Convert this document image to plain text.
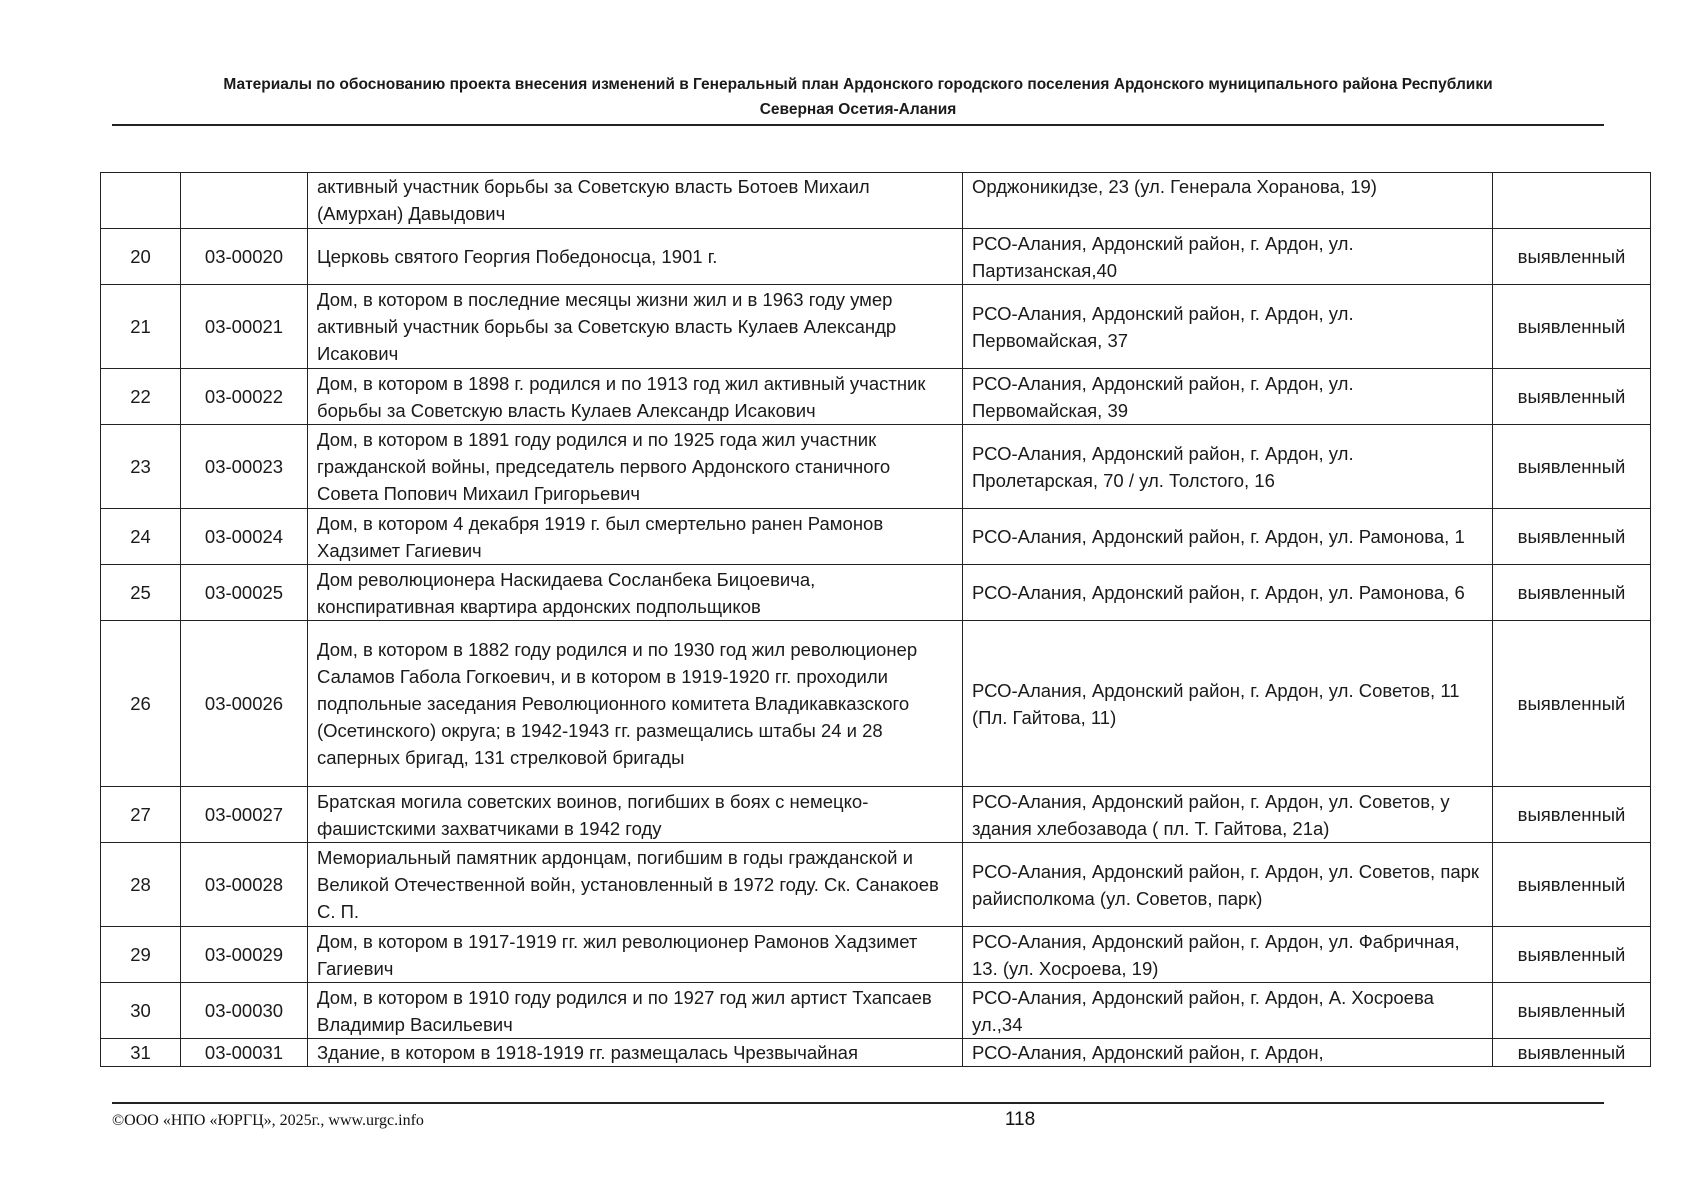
Материалы по обоснованию проекта внесения изменений в Генеральный план Ардонского городского поселения Ардонского муниципального района Республики
Северная Осетия-Алания
		активный участник борьбы за Советскую власть Ботоев Михаил (Амурхан) Давыдович	Орджоникидзе, 23 (ул. Генерала Хоранова, 19)	
20	03-00020	Церковь святого Георгия Победоносца, 1901 г.	РСО-Алания, Ардонский район, г. Ардон, ул. Партизанская,40	выявленный
21	03-00021	Дом, в котором в последние месяцы жизни жил и в 1963 году умер активный участник борьбы за Советскую власть Кулаев Александр Исакович	РСО-Алания, Ардонский район, г. Ардон, ул. Первомайская, 37	выявленный
22	03-00022	Дом, в котором в 1898 г. родился и по 1913 год жил активный участник борьбы за Советскую власть Кулаев Александр Исакович	РСО-Алания, Ардонский район, г. Ардон, ул. Первомайская, 39	выявленный
23	03-00023	Дом, в котором в 1891 году родился и по 1925 года жил участник гражданской войны, председатель первого Ардонского станичного Совета Попович Михаил Григорьевич	РСО-Алания, Ардонский район, г. Ардон, ул. Пролетарская, 70 / ул. Толстого, 16	выявленный
24	03-00024	Дом, в котором 4 декабря 1919 г. был смертельно ранен Рамонов Хадзимет Гагиевич	РСО-Алания, Ардонский район, г. Ардон, ул. Рамонова, 1	выявленный
25	03-00025	Дом революционера Наскидаева Сосланбека Бицоевича, конспиративная квартира ардонских подпольщиков	РСО-Алания, Ардонский район, г. Ардон, ул. Рамонова, 6	выявленный
26	03-00026	Дом, в котором в 1882 году родился и по 1930 год жил революционер Саламов Габола Гогкоевич, и в котором в 1919-1920 гг. проходили подпольные заседания Революционного комитета Владикавказского (Осетинского) округа; в 1942-1943 гг. размещались штабы 24 и 28 саперных бригад, 131 стрелковой бригады	РСО-Алания, Ардонский район, г. Ардон, ул. Советов, 11 (Пл. Гайтова, 11)	выявленный
27	03-00027	Братская могила советских воинов, погибших в боях с немецко-фашистскими захватчиками в 1942 году	РСО-Алания, Ардонский район, г. Ардон, ул. Советов, у здания хлебозавода ( пл. Т. Гайтова, 21а)	выявленный
28	03-00028	Мемориальный памятник ардонцам, погибшим в годы гражданской и Великой Отечественной войн, установленный в 1972 году. Ск. Санакоев С. П.	РСО-Алания, Ардонский район, г. Ардон, ул. Советов, парк райисполкома (ул. Советов, парк)	выявленный
29	03-00029	Дом, в котором в 1917-1919 гг. жил революционер Рамонов Хадзимет Гагиевич	РСО-Алания, Ардонский район, г. Ардон, ул. Фабричная, 13. (ул. Хосроева, 19)	выявленный
30	03-00030	Дом, в котором в 1910 году родился и по 1927 год жил артист Тхапсаев Владимир Васильевич	РСО-Алания, Ардонский район, г. Ардон, А. Хосроева ул.,34	выявленный
31	03-00031	Здание, в котором в 1918-1919 гг. размещалась Чрезвычайная	РСО-Алания, Ардонский район, г. Ардон,	выявленный
©ООО «НПО «ЮРГЦ», 2025г., www.urgc.info	118
